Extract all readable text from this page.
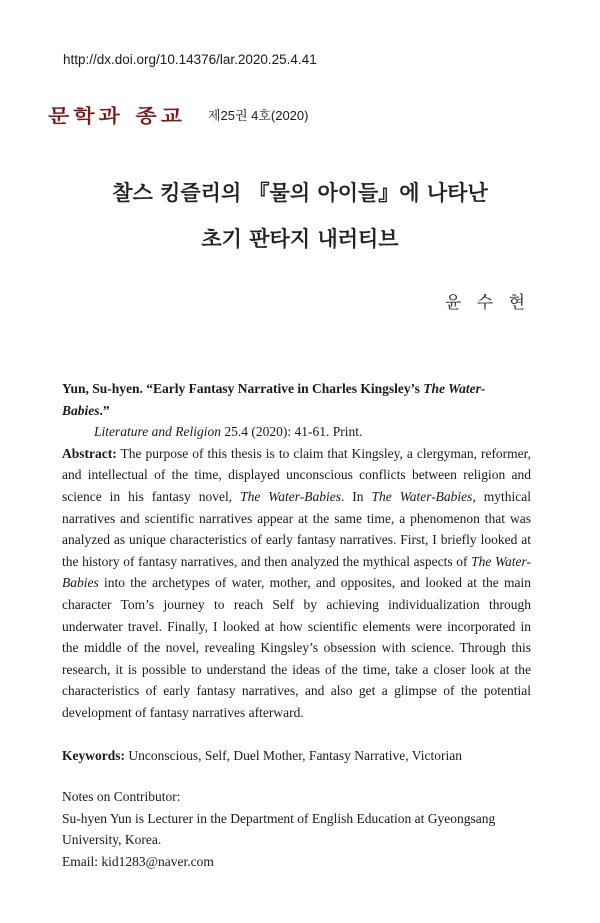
http://dx.doi.org/10.14376/lar.2020.25.4.41
문학과 종교 제25권 4호(2020)
찰스 킹즐리의 『물의 아이들』에 나타난
초기 판타지 내러티브
윤 수 현

Yun, Su-hyen. “Early Fantasy Narrative in Charles Kingsley’s The Water-Babies.”
Literature and Religion 25.4 (2020): 41-61. Print.

Abstract: The purpose of this thesis is to claim that Kingsley, a clergyman, reformer, and intellectual of the time, displayed unconscious conflicts between religion and science in his fantasy novel, The Water-Babies. In The Water-Babies, mythical narratives and scientific narratives appear at the same time, a phenomenon that was analyzed as unique characteristics of early fantasy narratives. First, I briefly looked at the history of fantasy narratives, and then analyzed the mythical aspects of The Water-Babies into the archetypes of water, mother, and opposites, and looked at the main character Tom’s journey to reach Self by achieving individualization through underwater travel. Finally, I looked at how scientific elements were incorporated in the middle of the novel, revealing Kingsley’s obsession with science. Through this research, it is possible to understand the ideas of the time, take a closer look at the characteristics of early fantasy narratives, and also get a glimpse of the potential development of fantasy narratives afterward.

Keywords: Unconscious, Self, Duel Mother, Fantasy Narrative, Victorian

Notes on Contributor:
Su-hyen Yun is Lecturer in the Department of English Education at Gyeongsang University, Korea.
Email: kid1283@naver.com
